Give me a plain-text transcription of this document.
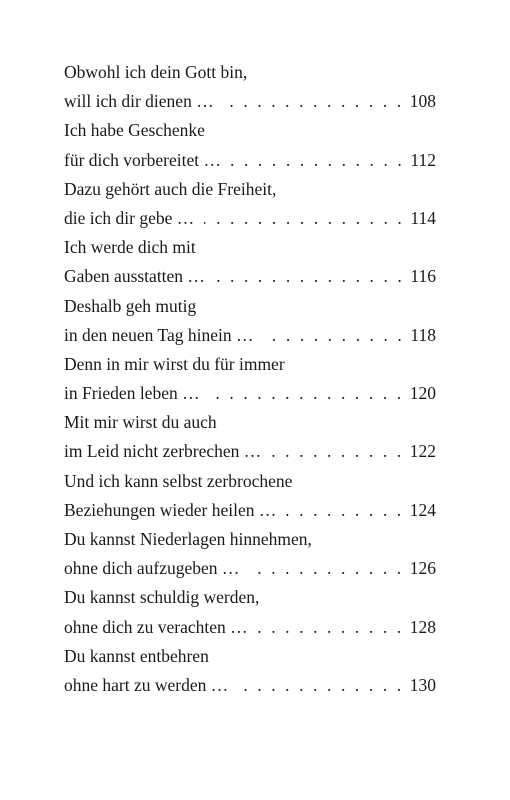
Obwohl ich dein Gott bin,
will ich dir dienen … . . .	108
Ich habe Geschenke
für dich vorbereitet … . . .	112
Dazu gehört auch die Freiheit,
die ich dir gebe … . . .	114
Ich werde dich mit
Gaben ausstatten … . . .	116
Deshalb geh mutig
in den neuen Tag hinein … . . .	118
Denn in mir wirst du für immer
in Frieden leben … . . .	120
Mit mir wirst du auch
im Leid nicht zerbrechen … . . .	122
Und ich kann selbst zerbrochene
Beziehungen wieder heilen … . . .	124
Du kannst Niederlagen hinnehmen,
ohne dich aufzugeben … . . .	126
Du kannst schuldig werden,
ohne dich zu verachten … . . .	128
Du kannst entbehren
ohne hart zu werden … . . .	130
